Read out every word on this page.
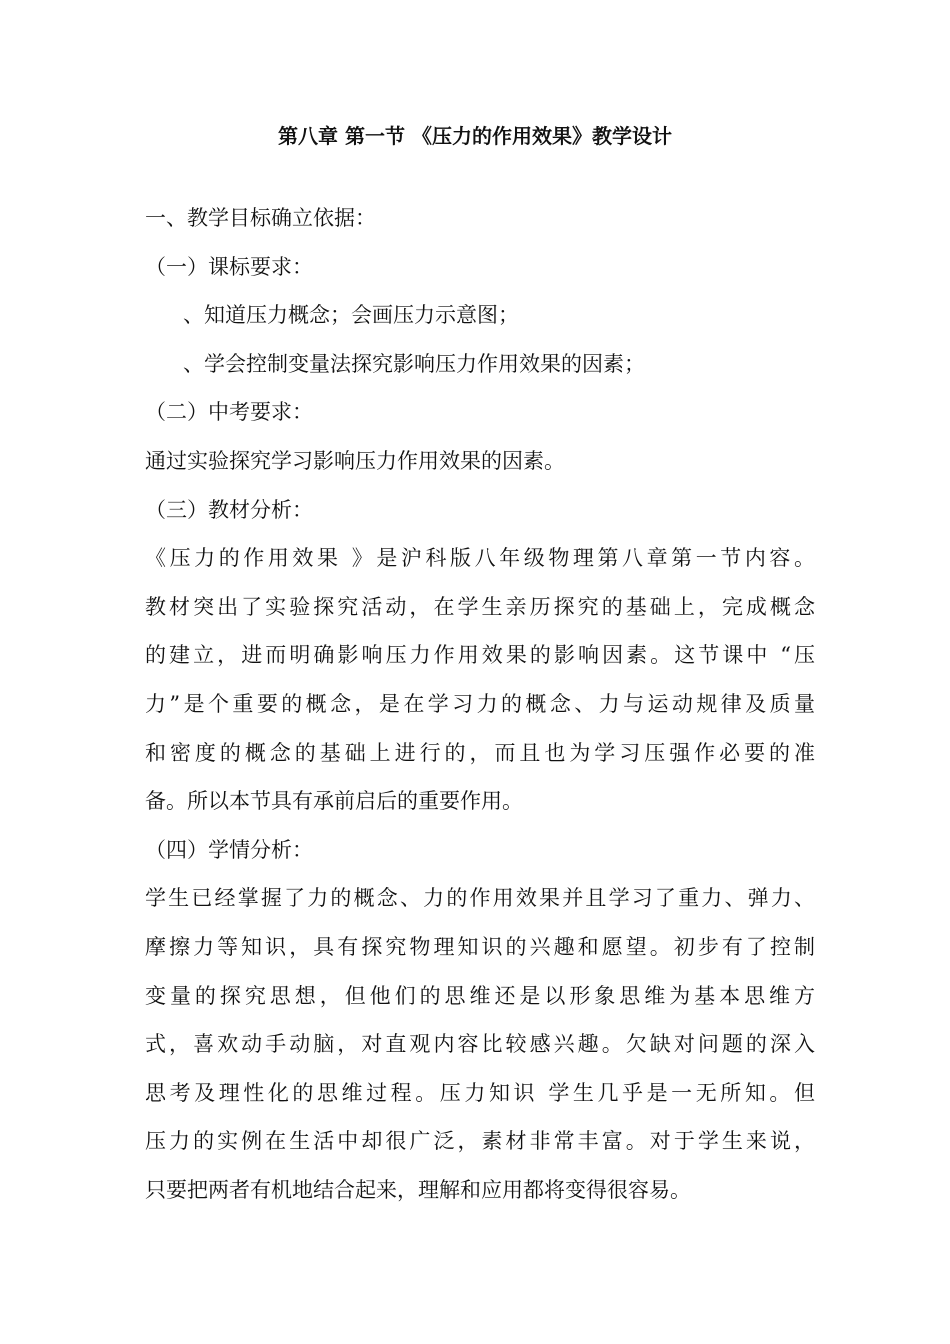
第八章 第一节 《压力的作用效果》教学设计
一、教学目标确立依据：
（一）课标要求：
、知道压力概念；会画压力示意图；
、学会控制变量法探究影响压力作用效果的因素；
（二）中考要求：
通过实验探究学习影响压力作用效果的因素。
（三）教材分析：
《压力的作用效果 》是沪科版八年级物理第八章第一节内容。
教材突出了实验探究活动，在学生亲历探究的基础上，完成概念
的建立，进而明确影响压力作用效果的影响因素。这节课中 “压
力”是个重要的概念，是在学习力的概念、力与运动规律及质量
和密度的概念的基础上进行的，而且也为学习压强作必要的准
备。所以本节具有承前启后的重要作用。
（四）学情分析：
学生已经掌握了力的概念、力的作用效果并且学习了重力、弹力、
摩擦力等知识，具有探究物理知识的兴趣和愿望。初步有了控制
变量的探究思想，但他们的思维还是以形象思维为基本思维方
式，喜欢动手动脑，对直观内容比较感兴趣。欠缺对问题的深入
思考及理性化的思维过程。压力知识 学生几乎是一无所知。但
压力的实例在生活中却很广泛，素材非常丰富。对于学生来说，
只要把两者有机地结合起来，理解和应用都将变得很容易。
